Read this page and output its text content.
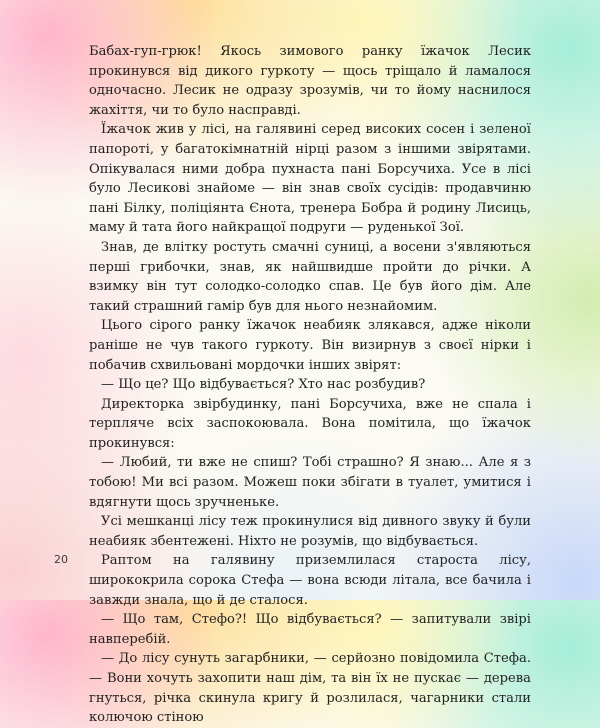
Бабах-гуп-грюк! Якось зимового ранку їжачок Лесик прокинувся від дикого гуркоту — щось тріщало й ламалося одночасно. Лесик не одразу зрозумів, чи то йому наснилося жахіття, чи то було насправді.

Їжачок жив у лісі, на галявині серед високих сосен і зеленої папороті, у багатокімнатній нірці разом з іншими звірятами. Опікувалася ними добра пухнаста пані Борсучиха. Усе в лісі було Лесикові знайоме — він знав своїх сусідів: продавчиню пані Білку, поліціянта Єнота, тренера Бобра й родину Лисиць, маму й тата його найкращої подруги — руденької Зої.

Знав, де влітку ростуть смачні суниці, а восени з'являються перші грибочки, знав, як найшвидше пройти до річки. А взимку він тут солодко-солодко спав. Це був його дім. Але такий страшний гамір був для нього незнайомим.

Цього сірого ранку їжачок неабияк злякався, адже ніколи раніше не чув такого гуркоту. Він визирнув з своєї нірки і побачив схвильовані мордочки інших звірят:

— Що це? Що відбувається? Хто нас розбудив?

Директорка звірбудинку, пані Борсучиха, вже не спала і терпляче всіх заспокоювала. Вона помітила, що їжачок прокинувся:

— Любий, ти вже не спиш? Тобі страшно? Я знаю... Але я з тобою! Ми всі разом. Можеш поки збігати в туалет, умитися і вдягнути щось зручненьке.

Усі мешканці лісу теж прокинулися від дивного звуку й були неабияк збентежені. Ніхто не розумів, що відбувається.

Раптом на галявину приземлилася староста лісу, ширококрила сорока Стефа — вона всюди літала, все бачила і завжди знала, що й де сталося.

— Що там, Стефо?! Що відбувається? — запитували звірі навперебій.

— До лісу сунуть загарбники, — серйозно повідомила Стефа. — Вони хочуть захопити наш дім, та він їх не пускає — дерева гнуться, річка скинула кригу й розлилася, чагарники стали колючою стіною

20
